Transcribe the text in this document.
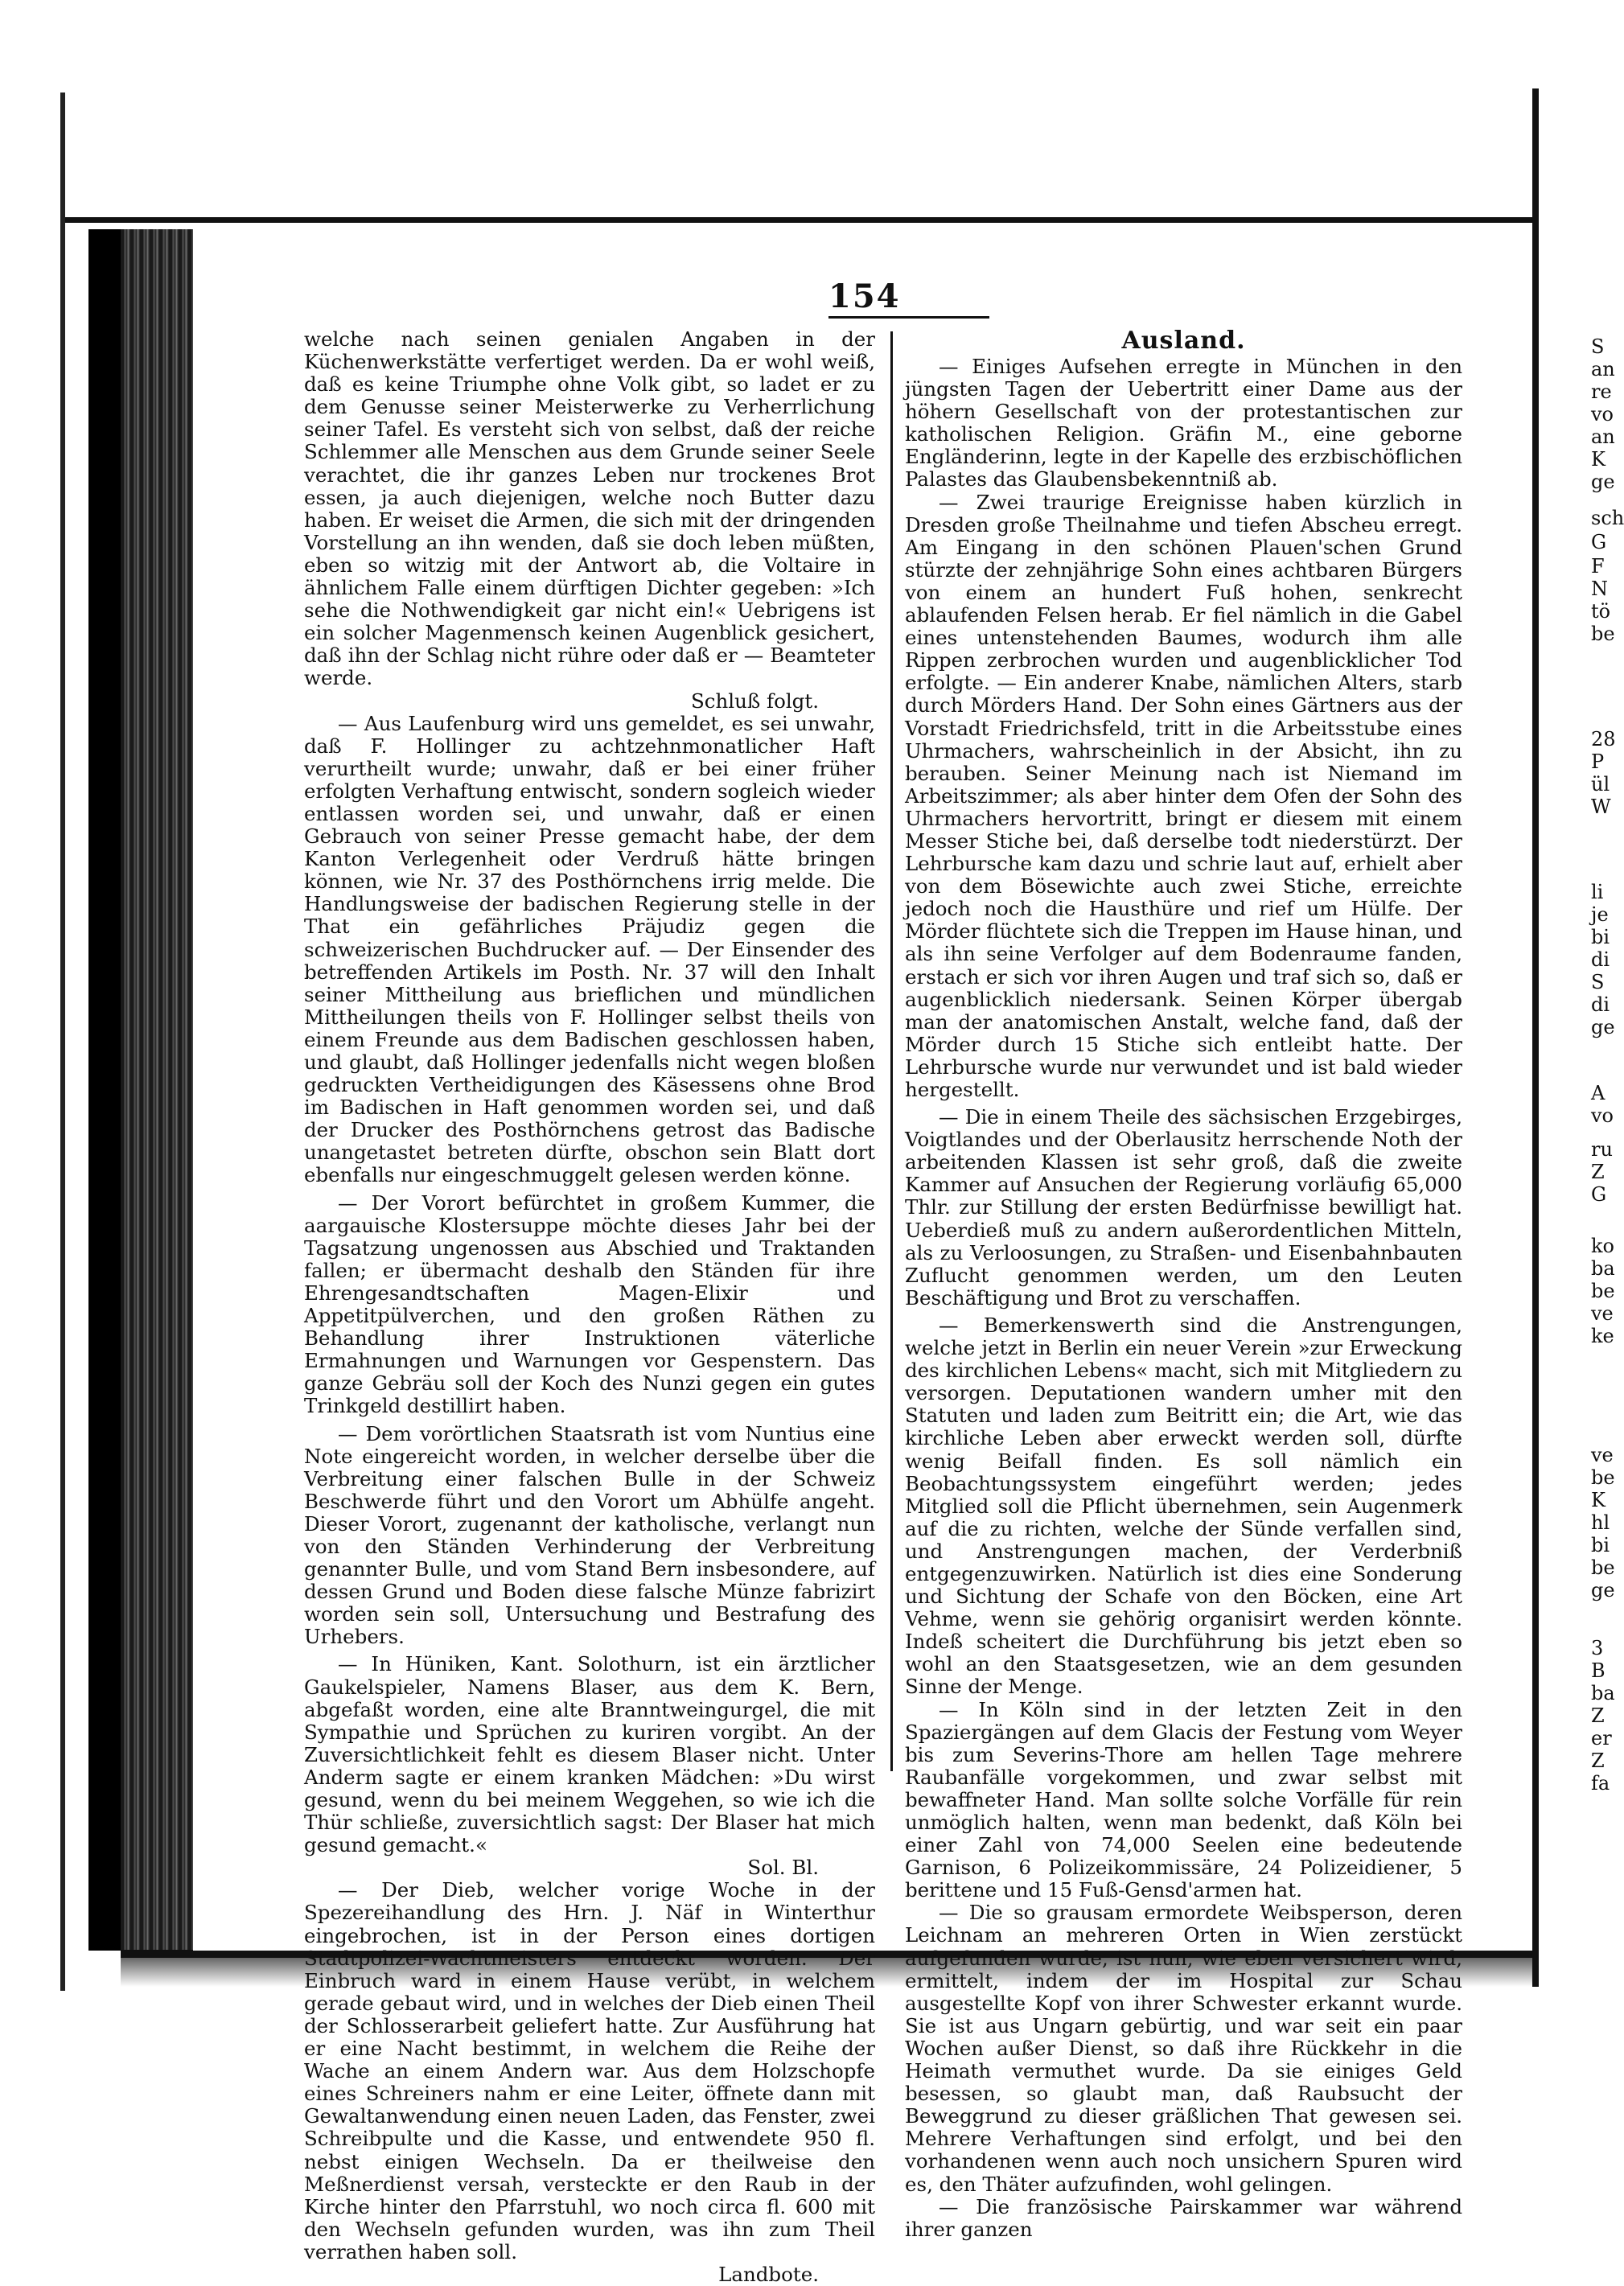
S
an
re
vo
an
K
ge
sch
G
F
N
tö
be
28
P
ül
W
li
je
bi
di
S
di
ge
A
vo
ru
Z
G
ko
ba
be
ve
ke
ve
be
K
hl
bi
be
ge
3
B
ba
Z
er
Z
fa
154

welche nach seinen genialen Angaben in der Küchenwerkstätte verfertiget werden. Da er wohl weiß, daß es keine Triumphe ohne Volk gibt, so ladet er zu dem Genusse seiner Meisterwerke zu Verherrlichung seiner Tafel. Es versteht sich von selbst, daß der reiche Schlemmer alle Menschen aus dem Grunde seiner Seele verachtet, die ihr ganzes Leben nur trockenes Brot essen, ja auch diejenigen, welche noch Butter dazu haben. Er weiset die Armen, die sich mit der dringenden Vorstellung an ihn wenden, daß sie doch leben müßten, eben so witzig mit der Antwort ab, die Voltaire in ähnlichem Falle einem dürftigen Dichter gegeben: »Ich sehe die Nothwendigkeit gar nicht ein!« Uebrigens ist ein solcher Magenmensch keinen Augenblick gesichert, daß ihn der Schlag nicht rühre oder daß er — Beamteter werde.

Schluß folgt.

— Aus Laufenburg wird uns gemeldet, es sei unwahr, daß F. Hollinger zu achtzehnmonatlicher Haft verurtheilt wurde; unwahr, daß er bei einer früher erfolgten Verhaftung entwischt, sondern sogleich wieder entlassen worden sei, und unwahr, daß er einen Gebrauch von seiner Presse gemacht habe, der dem Kanton Verlegenheit oder Verdruß hätte bringen können, wie Nr. 37 des Posthörnchens irrig melde. Die Handlungsweise der badischen Regierung stelle in der That ein gefährliches Präjudiz gegen die schweizerischen Buchdrucker auf. — Der Einsender des betreffenden Artikels im Posth. Nr. 37 will den Inhalt seiner Mittheilung aus brieflichen und mündlichen Mittheilungen theils von F. Hollinger selbst theils von einem Freunde aus dem Badischen geschlossen haben, und glaubt, daß Hollinger jedenfalls nicht wegen bloßen gedruckten Vertheidigungen des Käsessens ohne Brod im Badischen in Haft genommen worden sei, und daß der Drucker des Posthörnchens getrost das Badische unangetastet betreten dürfte, obschon sein Blatt dort ebenfalls nur eingeschmuggelt gelesen werden könne.

— Der Vorort befürchtet in großem Kummer, die aargauische Klostersuppe möchte dieses Jahr bei der Tagsatzung ungenossen aus Abschied und Traktanden fallen; er übermacht deshalb den Ständen für ihre Ehrengesandtschaften Magen-Elixir und Appetitpülverchen, und den großen Räthen zu Behandlung ihrer Instruktionen väterliche Ermahnungen und Warnungen vor Gespenstern. Das ganze Gebräu soll der Koch des Nunzi gegen ein gutes Trinkgeld destillirt haben.

— Dem vorörtlichen Staatsrath ist vom Nuntius eine Note eingereicht worden, in welcher derselbe über die Verbreitung einer falschen Bulle in der Schweiz Beschwerde führt und den Vorort um Abhülfe angeht. Dieser Vorort, zugenannt der katholische, verlangt nun von den Ständen Verhinderung der Verbreitung genannter Bulle, und vom Stand Bern insbesondere, auf dessen Grund und Boden diese falsche Münze fabrizirt worden sein soll, Untersuchung und Bestrafung des Urhebers.

— In Hüniken, Kant. Solothurn, ist ein ärztlicher Gaukelspieler, Namens Blaser, aus dem K. Bern, abgefaßt worden, eine alte Branntweingurgel, die mit Sympathie und Sprüchen zu kuriren vorgibt. An der Zuversichtlichkeit fehlt es diesem Blaser nicht. Unter Anderm sagte er einem kranken Mädchen: »Du wirst gesund, wenn du bei meinem Weggehen, so wie ich die Thür schließe, zuversichtlich sagst: Der Blaser hat mich gesund gemacht.«

Sol. Bl.

— Der Dieb, welcher vorige Woche in der Spezereihandlung des Hrn. J. Näf in Winterthur eingebrochen, ist in der Person eines dortigen Stadtpolizei-Wachtmeisters entdeckt worden. Der Einbruch ward in einem Hause verübt, in welchem gerade gebaut wird, und in welches der Dieb einen Theil der Schlosserarbeit geliefert hatte. Zur Ausführung hat er eine Nacht bestimmt, in welchem die Reihe der Wache an einem Andern war. Aus dem Holzschopfe eines Schreiners nahm er eine Leiter, öffnete dann mit Gewaltanwendung einen neuen Laden, das Fenster, zwei Schreibpulte und die Kasse, und entwendete 950 fl. nebst einigen Wechseln. Da er theilweise den Meßnerdienst versah, versteckte er den Raub in der Kirche hinter den Pfarrstuhl, wo noch circa fl. 600 mit den Wechseln gefunden wurden, was ihn zum Theil verrathen haben soll.

Landbote.
Ausland.

— Einiges Aufsehen erregte in München in den jüngsten Tagen der Uebertritt einer Dame aus der höhern Gesellschaft von der protestantischen zur katholischen Religion. Gräfin M., eine geborne Engländerinn, legte in der Kapelle des erzbischöflichen Palastes das Glaubensbekenntniß ab.

— Zwei traurige Ereignisse haben kürzlich in Dresden große Theilnahme und tiefen Abscheu erregt. Am Eingang in den schönen Plauen'schen Grund stürzte der zehnjährige Sohn eines achtbaren Bürgers von einem an hundert Fuß hohen, senkrecht ablaufenden Felsen herab. Er fiel nämlich in die Gabel eines untenstehenden Baumes, wodurch ihm alle Rippen zerbrochen wurden und augenblicklicher Tod erfolgte. — Ein anderer Knabe, nämlichen Alters, starb durch Mörders Hand. Der Sohn eines Gärtners aus der Vorstadt Friedrichsfeld, tritt in die Arbeitsstube eines Uhrmachers, wahrscheinlich in der Absicht, ihn zu berauben. Seiner Meinung nach ist Niemand im Arbeitszimmer; als aber hinter dem Ofen der Sohn des Uhrmachers hervortritt, bringt er diesem mit einem Messer Stiche bei, daß derselbe todt niederstürzt. Der Lehrbursche kam dazu und schrie laut auf, erhielt aber von dem Bösewichte auch zwei Stiche, erreichte jedoch noch die Hausthüre und rief um Hülfe. Der Mörder flüchtete sich die Treppen im Hause hinan, und als ihn seine Verfolger auf dem Bodenraume fanden, erstach er sich vor ihren Augen und traf sich so, daß er augenblicklich niedersank. Seinen Körper übergab man der anatomischen Anstalt, welche fand, daß der Mörder durch 15 Stiche sich entleibt hatte. Der Lehrbursche wurde nur verwundet und ist bald wieder hergestellt.

— Die in einem Theile des sächsischen Erzgebirges, Voigtlandes und der Oberlausitz herrschende Noth der arbeitenden Klassen ist sehr groß, daß die zweite Kammer auf Ansuchen der Regierung vorläufig 65,000 Thlr. zur Stillung der ersten Bedürfnisse bewilligt hat. Ueberdieß muß zu andern außerordentlichen Mitteln, als zu Verloosungen, zu Straßen- und Eisenbahnbauten Zuflucht genommen werden, um den Leuten Beschäftigung und Brot zu verschaffen.

— Bemerkenswerth sind die Anstrengungen, welche jetzt in Berlin ein neuer Verein »zur Erweckung des kirchlichen Lebens« macht, sich mit Mitgliedern zu versorgen. Deputationen wandern umher mit den Statuten und laden zum Beitritt ein; die Art, wie das kirchliche Leben aber erweckt werden soll, dürfte wenig Beifall finden. Es soll nämlich ein Beobachtungssystem eingeführt werden; jedes Mitglied soll die Pflicht übernehmen, sein Augenmerk auf die zu richten, welche der Sünde verfallen sind, und Anstrengungen machen, der Verderbniß entgegenzuwirken. Natürlich ist dies eine Sonderung und Sichtung der Schafe von den Böcken, eine Art Vehme, wenn sie gehörig organisirt werden könnte. Indeß scheitert die Durchführung bis jetzt eben so wohl an den Staatsgesetzen, wie an dem gesunden Sinne der Menge.

— In Köln sind in der letzten Zeit in den Spaziergängen auf dem Glacis der Festung vom Weyer bis zum Severins-Thore am hellen Tage mehrere Raubanfälle vorgekommen, und zwar selbst mit bewaffneter Hand. Man sollte solche Vorfälle für rein unmöglich halten, wenn man bedenkt, daß Köln bei einer Zahl von 74,000 Seelen eine bedeutende Garnison, 6 Polizeikommissäre, 24 Polizeidiener, 5 berittene und 15 Fuß-Gensd'armen hat.

— Die so grausam ermordete Weibsperson, deren Leichnam an mehreren Orten in Wien zerstückt aufgefunden wurde, ist nun, wie eben versichert wird, ermittelt, indem der im Hospital zur Schau ausgestellte Kopf von ihrer Schwester erkannt wurde. Sie ist aus Ungarn gebürtig, und war seit ein paar Wochen außer Dienst, so daß ihre Rückkehr in die Heimath vermuthet wurde. Da sie einiges Geld besessen, so glaubt man, daß Raubsucht der Beweggrund zu dieser gräßlichen That gewesen sei. Mehrere Verhaftungen sind erfolgt, und bei den vorhandenen wenn auch noch unsichern Spuren wird es, den Thäter aufzufinden, wohl gelingen.

— Die französische Pairskammer war während ihrer ganzen
